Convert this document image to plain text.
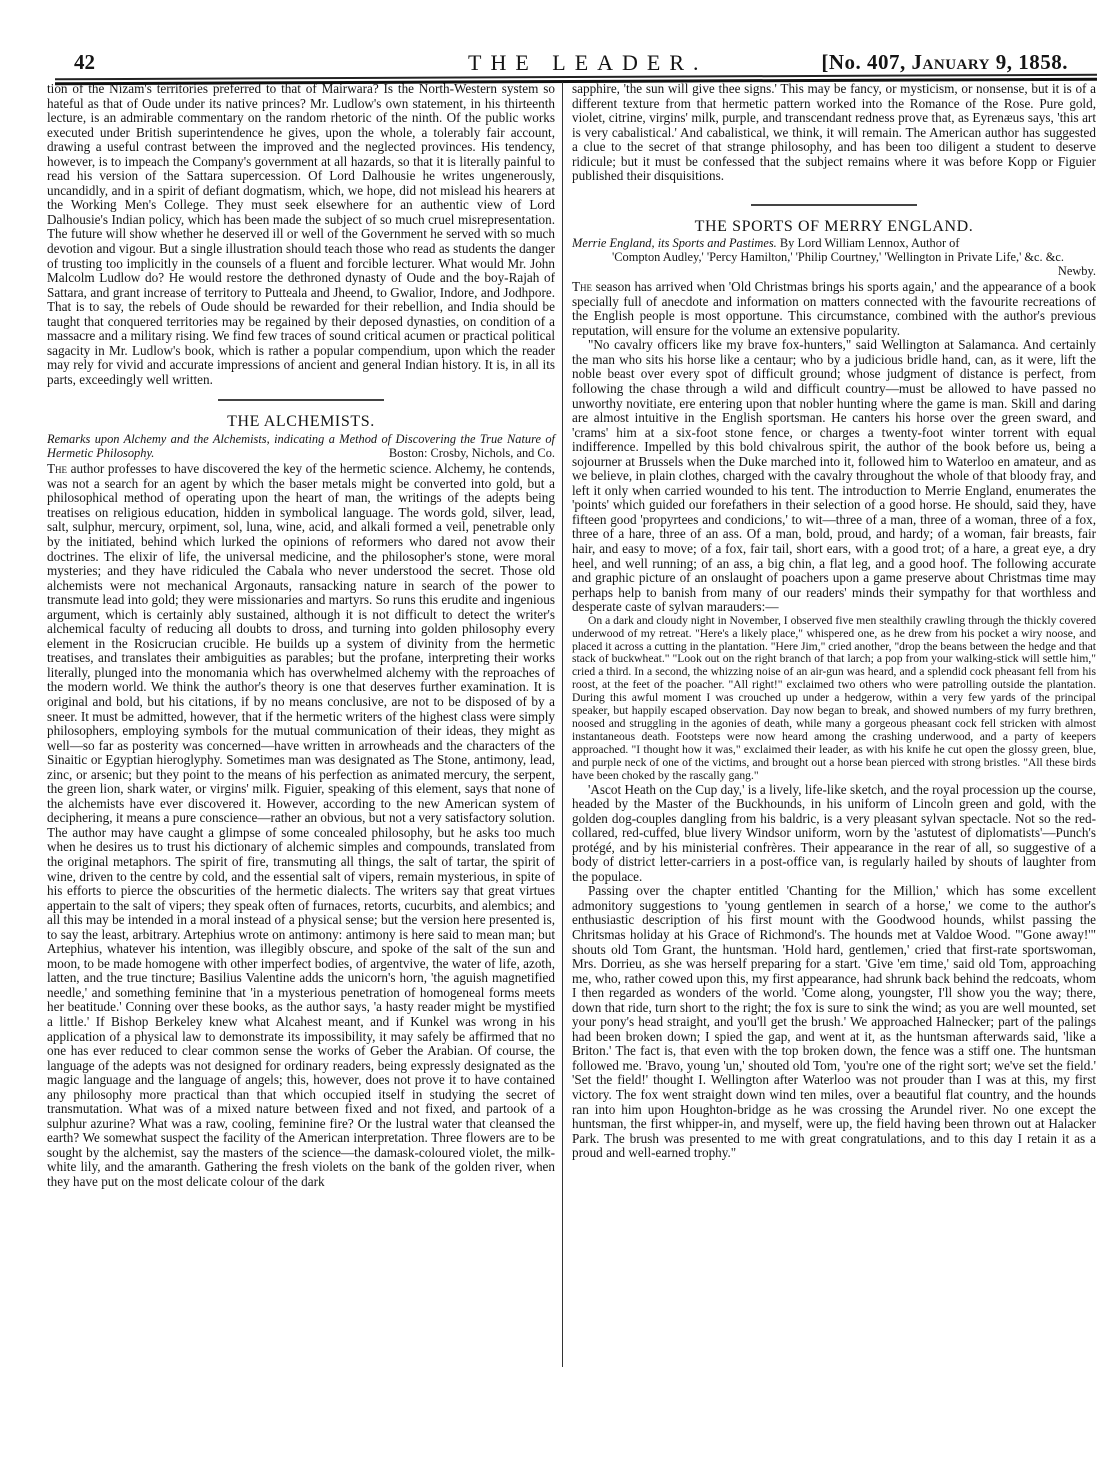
42	THE LEADER.	[No. 407, January 9, 1858.

tion of the Nizam's territories preferred to that of Mairwara? Is the North-Western system so hateful as that of Oude under its native princes? Mr. Ludlow's own statement, in his thirteenth lecture, is an admirable commentary on the random rhetoric of the ninth. Of the public works executed under British superintendence he gives, upon the whole, a tolerably fair account, drawing a useful contrast between the improved and the neglected provinces. His tendency, however, is to impeach the Company's government at all hazards, so that it is literally painful to read his version of the Sattara supercession. Of Lord Dalhousie he writes ungenerously, uncandidly, and in a spirit of defiant dogmatism, which, we hope, did not mislead his hearers at the Working Men's College. They must seek elsewhere for an authentic view of Lord Dalhousie's Indian policy, which has been made the subject of so much cruel misrepresentation. The future will show whether he deserved ill or well of the Government he served with so much devotion and vigour. But a single illustration should teach those who read as students the danger of trusting too implicitly in the counsels of a fluent and forcible lecturer. What would Mr. John Malcolm Ludlow do? He would restore the dethroned dynasty of Oude and the boy-Rajah of Sattara, and grant increase of territory to Putteala and Jheend, to Gwalior, Indore, and Jodhpore. That is to say, the rebels of Oude should be rewarded for their rebellion, and India should be taught that conquered territories may be regained by their deposed dynasties, on condition of a massacre and a military rising. We find few traces of sound critical acumen or practical political sagacity in Mr. Ludlow's book, which is rather a popular compendium, upon which the reader may rely for vivid and accurate impressions of ancient and general Indian history. It is, in all its parts, exceedingly well written.

THE ALCHEMISTS.
Remarks upon Alchemy and the Alchemists, indicating a Method of Discovering the True Nature of Hermetic Philosophy.	Boston: Crosby, Nichols, and Co.

The author professes to have discovered the key of the hermetic science. Alchemy, he contends, was not a search for an agent by which the baser metals might be converted into gold, but a philosophical method of operating upon the heart of man, the writings of the adepts being treatises on religious education, hidden in symbolical language. The words gold, silver, lead, salt, sulphur, mercury, orpiment, sol, luna, wine, acid, and alkali formed a veil, penetrable only by the initiated, behind which lurked the opinions of reformers who dared not avow their doctrines. The elixir of life, the universal medicine, and the philosopher's stone, were moral mysteries; and they have ridiculed the Cabala who never understood the secret. Those old alchemists were not mechanical Argonauts, ransacking nature in search of the power to transmute lead into gold; they were missionaries and martyrs. So runs this erudite and ingenious argument, which is certainly ably sustained, although it is not difficult to detect the writer's alchemical faculty of reducing all doubts to dross, and turning into golden philosophy every element in the Rosicrucian crucible. He builds up a system of divinity from the hermetic treatises, and translates their ambiguities as parables; but the profane, interpreting their works literally, plunged into the monomania which has overwhelmed alchemy with the reproaches of the modern world. We think the author's theory is one that deserves further examination. It is original and bold, but his citations, if by no means conclusive, are not to be disposed of by a sneer. It must be admitted, however, that if the hermetic writers of the highest class were simply philosophers, employing symbols for the mutual communication of their ideas, they might as well—so far as posterity was concerned—have written in arrowheads and the characters of the Sinaitic or Egyptian hieroglyphy. Sometimes man was designated as The Stone, antimony, lead, zinc, or arsenic; but they point to the means of his perfection as animated mercury, the serpent, the green lion, shark water, or virgins' milk. Figuier, speaking of this element, says that none of the alchemists have ever discovered it. However, according to the new American system of deciphering, it means a pure conscience—rather an obvious, but not a very satisfactory solution. The author may have caught a glimpse of some concealed philosophy, but he asks too much when he desires us to trust his dictionary of alchemic simples and compounds, translated from the original metaphors. The spirit of fire, transmuting all things, the salt of tartar, the spirit of wine, driven to the centre by cold, and the essential salt of vipers, remain mysterious, in spite of his efforts to pierce the obscurities of the hermetic dialects. The writers say that great virtues appertain to the salt of vipers; they speak often of furnaces, retorts, cucurbits, and alembics; and all this may be intended in a moral instead of a physical sense; but the version here presented is, to say the least, arbitrary. Artephius wrote on antimony: antimony is here said to mean man; but Artephius, whatever his intention, was illegibly obscure, and spoke of the salt of the sun and moon, to be made homogene with other imperfect bodies, of argentvive, the water of life, azoth, latten, and the true tincture; Basilius Valentine adds the unicorn's horn, 'the aguish magnetified needle,' and something feminine that 'in a mysterious penetration of homogeneal forms meets her beatitude.' Conning over these books, as the author says, 'a hasty reader might be mystified a little.' If Bishop Berkeley knew what Alcahest meant, and if Kunkel was wrong in his application of a physical law to demonstrate its impossibility, it may safely be affirmed that no one has ever reduced to clear common sense the works of Geber the Arabian. Of course, the language of the adepts was not designed for ordinary readers, being expressly designated as the magic language and the language of angels; this, however, does not prove it to have contained any philosophy more practical than that which occupied itself in studying the secret of transmutation. What was of a mixed nature between fixed and not fixed, and partook of a sulphur azurine? What was a raw, cooling, feminine fire? Or the lustral water that cleansed the earth? We somewhat suspect the facility of the American interpretation. Three flowers are to be sought by the alchemist, say the masters of the science—the damask-coloured violet, the milk-white lily, and the amaranth. Gathering the fresh violets on the bank of the golden river, when they have put on the most delicate colour of the dark

sapphire, 'the sun will give thee signs.' This may be fancy, or mysticism, or nonsense, but it is of a different texture from that hermetic pattern worked into the Romance of the Rose. Pure gold, violet, citrine, virgins' milk, purple, and transcendant redness prove that, as Eyrenæus says, 'this art is very cabalistical.' And cabalistical, we think, it will remain. The American author has suggested a clue to the secret of that strange philosophy, and has been too diligent a student to deserve ridicule; but it must be confessed that the subject remains where it was before Kopp or Figuier published their disquisitions.

THE SPORTS OF MERRY ENGLAND.
Merrie England, its Sports and Pastimes. By Lord William Lennox, Author of
'Compton Audley,' 'Percy Hamilton,' 'Philip Courtney,' 'Wellington in Private Life,' &c. &c.
Newby.

The season has arrived when 'Old Christmas brings his sports again,' and the appearance of a book specially full of anecdote and information on matters connected with the favourite recreations of the English people is most opportune. This circumstance, combined with the author's previous reputation, will ensure for the volume an extensive popularity.

"No cavalry officers like my brave fox-hunters," said Wellington at Salamanca. And certainly the man who sits his horse like a centaur; who by a judicious bridle hand, can, as it were, lift the noble beast over every spot of difficult ground; whose judgment of distance is perfect, from following the chase through a wild and difficult country—must be allowed to have passed no unworthy novitiate, ere entering upon that nobler hunting where the game is man. Skill and daring are almost intuitive in the English sportsman. He canters his horse over the green sward, and 'crams' him at a six-foot stone fence, or charges a twenty-foot winter torrent with equal indifference. Impelled by this bold chivalrous spirit, the author of the book before us, being a sojourner at Brussels when the Duke marched into it, followed him to Waterloo en amateur, and as we believe, in plain clothes, charged with the cavalry throughout the whole of that bloody fray, and left it only when carried wounded to his tent. The introduction to Merrie England, enumerates the 'points' which guided our forefathers in their selection of a good horse. He should, said they, have fifteen good 'propyrtees and condicions,' to wit—three of a man, three of a woman, three of a fox, three of a hare, three of an ass. Of a man, bold, proud, and hardy; of a woman, fair breasts, fair hair, and easy to move; of a fox, fair tail, short ears, with a good trot; of a hare, a great eye, a dry heel, and well running; of an ass, a big chin, a flat leg, and a good hoof. The following accurate and graphic picture of an onslaught of poachers upon a game preserve about Christmas time may perhaps help to banish from many of our readers' minds their sympathy for that worthless and desperate caste of sylvan marauders:—

On a dark and cloudy night in November, I observed five men stealthily crawling through the thickly covered underwood of my retreat. "Here's a likely place," whispered one, as he drew from his pocket a wiry noose, and placed it across a cutting in the plantation. "Here Jim," cried another, "drop the beans between the hedge and that stack of buckwheat." "Look out on the right branch of that larch; a pop from your walking-stick will settle him," cried a third. In a second, the whizzing noise of an air-gun was heard, and a splendid cock pheasant fell from his roost, at the feet of the poacher. "All right!" exclaimed two others who were patrolling outside the plantation. During this awful moment I was crouched up under a hedgerow, within a very few yards of the principal speaker, but happily escaped observation. Day now began to break, and showed numbers of my furry brethren, noosed and struggling in the agonies of death, while many a gorgeous pheasant cock fell stricken with almost instantaneous death. Footsteps were now heard among the crashing underwood, and a party of keepers approached. "I thought how it was," exclaimed their leader, as with his knife he cut open the glossy green, blue, and purple neck of one of the victims, and brought out a horse bean pierced with strong bristles. "All these birds have been choked by the rascally gang."

'Ascot Heath on the Cup day,' is a lively, life-like sketch, and the royal procession up the course, headed by the Master of the Buckhounds, in his uniform of Lincoln green and gold, with the golden dog-couples dangling from his baldric, is a very pleasant sylvan spectacle. Not so the red-collared, red-cuffed, blue livery Windsor uniform, worn by the 'astutest of diplomatists'—Punch's protégé, and by his ministerial confrères. Their appearance in the rear of all, so suggestive of a body of district letter-carriers in a post-office van, is regularly hailed by shouts of laughter from the populace.

Passing over the chapter entitled 'Chanting for the Million,' which has some excellent admonitory suggestions to 'young gentlemen in search of a horse,' we come to the author's enthusiastic description of his first mount with the Goodwood hounds, whilst passing the Chritsmas holiday at his Grace of Richmond's. The hounds met at Valdoe Wood. "'Gone away!'" shouts old Tom Grant, the huntsman. 'Hold hard, gentlemen,' cried that first-rate sportswoman, Mrs. Dorrieu, as she was herself preparing for a start. 'Give 'em time,' said old Tom, approaching me, who, rather cowed upon this, my first appearance, had shrunk back behind the redcoats, whom I then regarded as wonders of the world. 'Come along, youngster, I'll show you the way; there, down that ride, turn short to the right; the fox is sure to sink the wind; as you are well mounted, set your pony's head straight, and you'll get the brush.' We approached Halnecker; part of the palings had been broken down; I spied the gap, and went at it, as the huntsman afterwards said, 'like a Briton.' The fact is, that even with the top broken down, the fence was a stiff one. The huntsman followed me. 'Bravo, young 'un,' shouted old Tom, 'you're one of the right sort; we've set the field.' 'Set the field!' thought I. Wellington after Waterloo was not prouder than I was at this, my first victory. The fox went straight down wind ten miles, over a beautiful flat country, and the hounds ran into him upon Houghton-bridge as he was crossing the Arundel river. No one except the huntsman, the first whipper-in, and myself, were up, the field having been thrown out at Halacker Park. The brush was presented to me with great congratulations, and to this day I retain it as a proud and well-earned trophy."
